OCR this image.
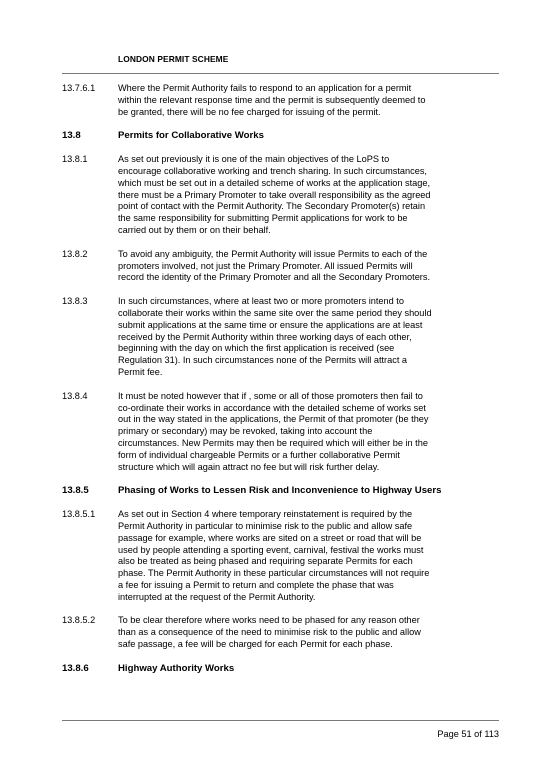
LONDON PERMIT SCHEME
13.7.6.1	Where the Permit Authority fails to respond to an application for a permit
within the relevant response time and the permit is subsequently deemed to
be granted, there will be no fee charged for issuing of the permit.
13.8	Permits for Collaborative Works
13.8.1	As set out previously it is one of the main objectives of the LoPS to
encourage collaborative working and trench sharing. In such circumstances,
which must be set out in a detailed scheme of works at the application stage,
there must be a Primary Promoter to take overall responsibility as the agreed
point of contact with the Permit Authority. The Secondary Promoter(s) retain
the same responsibility for submitting Permit applications for work to be
carried out by them or on their behalf.
13.8.2	To avoid any ambiguity, the Permit Authority will issue Permits to each of the
promoters involved, not just the Primary Promoter. All issued Permits will
record the identity of the Primary Promoter and all the Secondary Promoters.
13.8.3	In such circumstances, where at least two or more promoters intend to
collaborate their works within the same site over the same period they should
submit applications at the same time or ensure the applications are at least
received by the Permit Authority within three working days of each other,
beginning with the day on which the first application is received (see
Regulation 31). In such circumstances none of the Permits will attract a
Permit fee.
13.8.4	It must be noted however that if , some or all of those promoters then fail to
co-ordinate their works in accordance with the detailed scheme of works set
out in the way stated in the applications, the Permit of that promoter (be they
primary or secondary) may be revoked, taking into account the
circumstances. New Permits may then be required which will either be in the
form of individual chargeable Permits or a further collaborative Permit
structure which will again attract no fee but will risk further delay.
13.8.5	Phasing of Works to Lessen Risk and Inconvenience to Highway Users
13.8.5.1	As set out in Section 4 where temporary reinstatement is required by the
Permit Authority in particular to minimise risk to the public and allow safe
passage for example, where works are sited on a street or road that will be
used by people attending a sporting event, carnival, festival the works must
also be treated as being phased and requiring separate Permits for each
phase. The Permit Authority in these particular circumstances will not require
a fee for issuing a Permit to return and complete the phase that was
interrupted at the request of the Permit Authority.
13.8.5.2	To be clear therefore where works need to be phased for any reason other
than as a consequence of the need to minimise risk to the public and allow
safe passage, a fee will be charged for each Permit for each phase.
13.8.6	Highway Authority Works
Page 51 of 113
